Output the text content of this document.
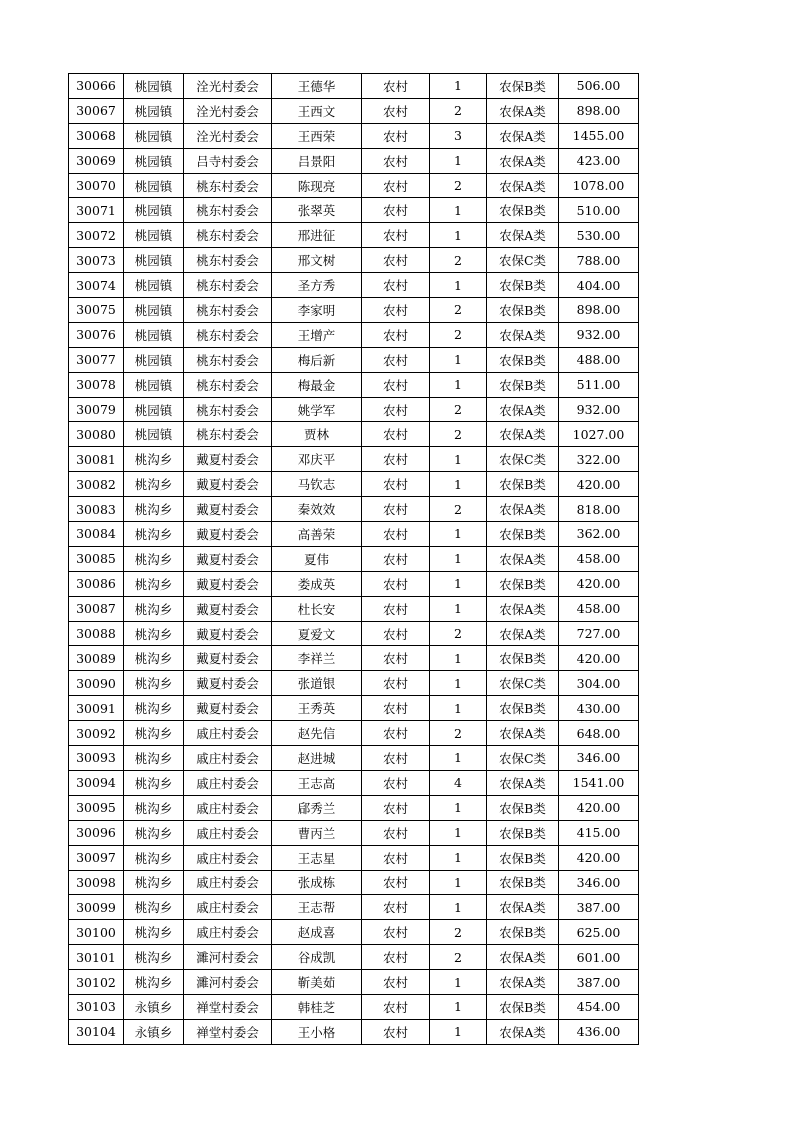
30066	桃园镇	洤光村委会	王德华	农村	1	农保B类	506.00
30067	桃园镇	洤光村委会	王西文	农村	2	农保A类	898.00
30068	桃园镇	洤光村委会	王西荣	农村	3	农保A类	1455.00
30069	桃园镇	吕寺村委会	吕景阳	农村	1	农保A类	423.00
30070	桃园镇	桃东村委会	陈现亮	农村	2	农保A类	1078.00
30071	桃园镇	桃东村委会	张翠英	农村	1	农保B类	510.00
30072	桃园镇	桃东村委会	邢进征	农村	1	农保A类	530.00
30073	桃园镇	桃东村委会	邢文树	农村	2	农保C类	788.00
30074	桃园镇	桃东村委会	圣方秀	农村	1	农保B类	404.00
30075	桃园镇	桃东村委会	李家明	农村	2	农保B类	898.00
30076	桃园镇	桃东村委会	王增产	农村	2	农保A类	932.00
30077	桃园镇	桃东村委会	梅后新	农村	1	农保B类	488.00
30078	桃园镇	桃东村委会	梅最金	农村	1	农保B类	511.00
30079	桃园镇	桃东村委会	姚学军	农村	2	农保A类	932.00
30080	桃园镇	桃东村委会	贾林	农村	2	农保A类	1027.00
30081	桃沟乡	戴夏村委会	邓庆平	农村	1	农保C类	322.00
30082	桃沟乡	戴夏村委会	马钦志	农村	1	农保B类	420.00
30083	桃沟乡	戴夏村委会	秦效效	农村	2	农保A类	818.00
30084	桃沟乡	戴夏村委会	高善荣	农村	1	农保B类	362.00
30085	桃沟乡	戴夏村委会	夏伟	农村	1	农保A类	458.00
30086	桃沟乡	戴夏村委会	娄成英	农村	1	农保B类	420.00
30087	桃沟乡	戴夏村委会	杜长安	农村	1	农保A类	458.00
30088	桃沟乡	戴夏村委会	夏爱文	农村	2	农保A类	727.00
30089	桃沟乡	戴夏村委会	李祥兰	农村	1	农保B类	420.00
30090	桃沟乡	戴夏村委会	张道银	农村	1	农保C类	304.00
30091	桃沟乡	戴夏村委会	王秀英	农村	1	农保B类	430.00
30092	桃沟乡	戚庄村委会	赵先信	农村	2	农保A类	648.00
30093	桃沟乡	戚庄村委会	赵进城	农村	1	农保C类	346.00
30094	桃沟乡	戚庄村委会	王志高	农村	4	农保A类	1541.00
30095	桃沟乡	戚庄村委会	郈秀兰	农村	1	农保B类	420.00
30096	桃沟乡	戚庄村委会	曹丙兰	农村	1	农保B类	415.00
30097	桃沟乡	戚庄村委会	王志星	农村	1	农保B类	420.00
30098	桃沟乡	戚庄村委会	张成栋	农村	1	农保B类	346.00
30099	桃沟乡	戚庄村委会	王志帮	农村	1	农保A类	387.00
30100	桃沟乡	戚庄村委会	赵成喜	农村	2	农保B类	625.00
30101	桃沟乡	濉河村委会	谷成凯	农村	2	农保A类	601.00
30102	桃沟乡	濉河村委会	靳美茹	农村	1	农保A类	387.00
30103	永镇乡	禅堂村委会	韩桂芝	农村	1	农保B类	454.00
30104	永镇乡	禅堂村委会	王小格	农村	1	农保A类	436.00
